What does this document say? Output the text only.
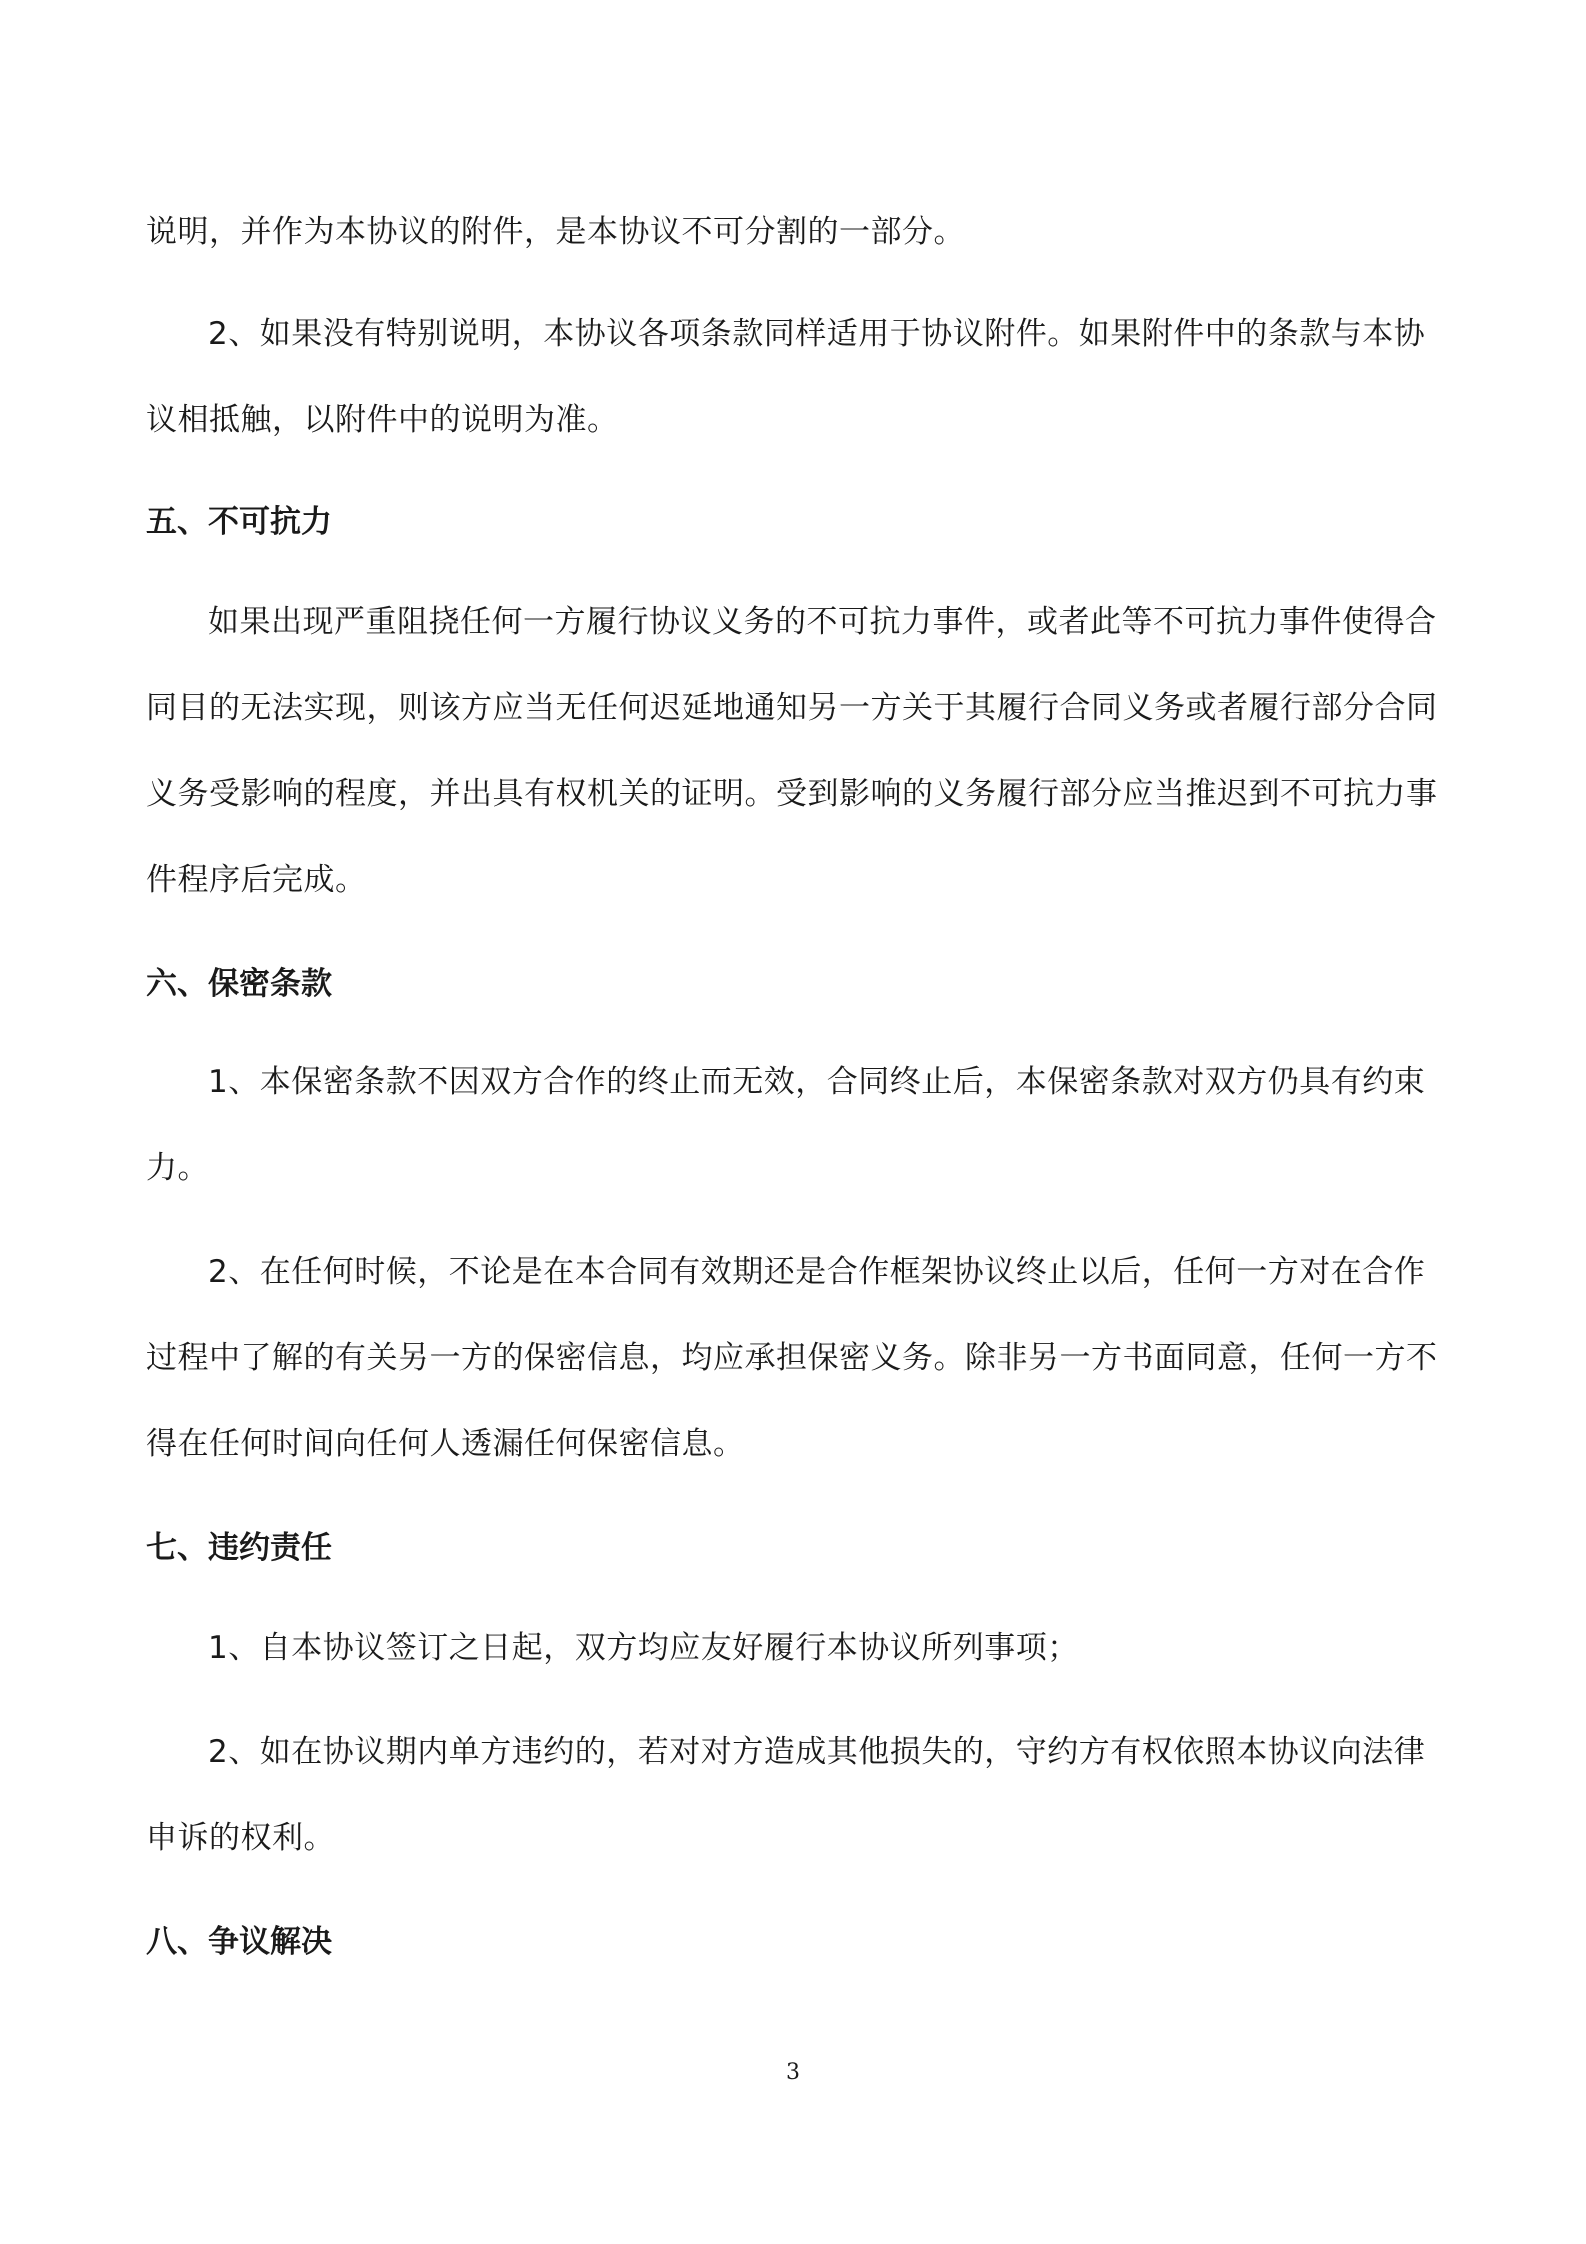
说明，并作为本协议的附件，是本协议不可分割的一部分。
2、如果没有特别说明，本协议各项条款同样适用于协议附件。如果附件中的条款与本协
议相抵触，以附件中的说明为准。
五、不可抗力
如果出现严重阻挠任何一方履行协议义务的不可抗力事件，或者此等不可抗力事件使得合
同目的无法实现，则该方应当无任何迟延地通知另一方关于其履行合同义务或者履行部分合同
义务受影响的程度，并出具有权机关的证明。受到影响的义务履行部分应当推迟到不可抗力事
件程序后完成。
六、保密条款
1、本保密条款不因双方合作的终止而无效，合同终止后，本保密条款对双方仍具有约束
力。
2、在任何时候，不论是在本合同有效期还是合作框架协议终止以后，任何一方对在合作
过程中了解的有关另一方的保密信息，均应承担保密义务。除非另一方书面同意，任何一方不
得在任何时间向任何人透漏任何保密信息。
七、违约责任
1、自本协议签订之日起，双方均应友好履行本协议所列事项；
2、如在协议期内单方违约的，若对对方造成其他损失的，守约方有权依照本协议向法律
申诉的权利。
八、争议解决
3
